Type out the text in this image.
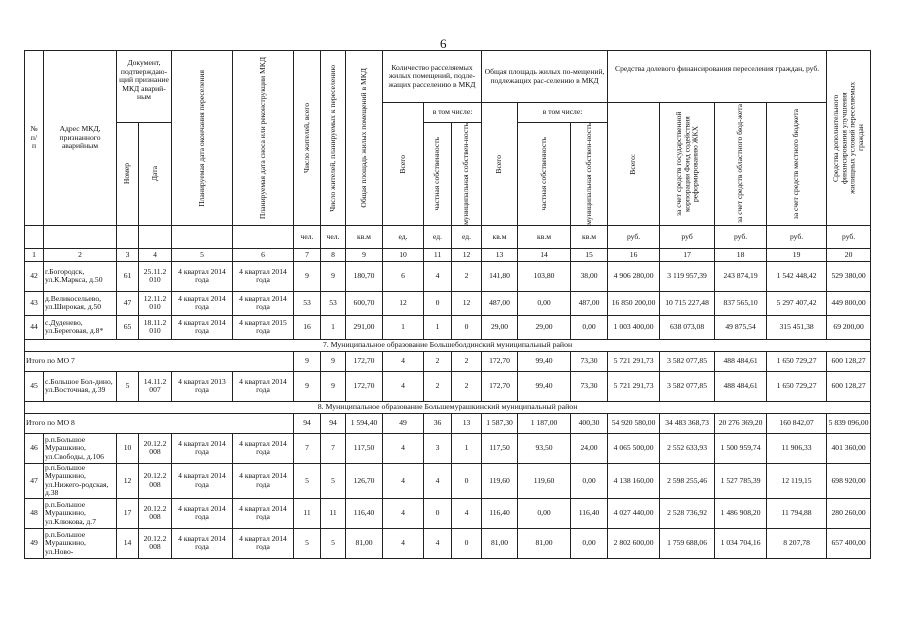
6
№
п/
п	Адрес МКД, признанного аварийным	Документ, подтверждаю-щий признание МКД аварий-ным		Планируемая дата окончания переселения	Планируемая дата сноса или реконструкции МКД	Число жителей, всего	Число жителей, планируемых к переселению	Общая площадь жилых помещений в МКД	Количество расселяемых жилых помещений, подле-жащих расселению в МКД			Общая площадь жилых по-мещений, подлежащих рас-селению в МКД			Средства долевого финансирования переселения граждан, руб.				Средства дополнительного финансирования улучшения жилищных условий переселяемых граждан

									Всего	в том числе:		Всего	в том числе:		Всего:	за счет средств государственной корпорации Фонд содействия реформированию ЖКХ	за счет средств областного бюд-жета	за счет средств местного бюджета	

		Номер	Дата							частная собственность	муниципальная собствен-ность		частная собственность	муниципальная собствен-ность					

						чел.	чел.	кв.м	ед.	ед.	ед.	кв.м	кв.м	кв.м	руб.	руб	руб.	руб.	руб.
1	2	3	4	5	6	7	8	9	10	11	12	13	14	15	16	17	18	19	20
42	г.Богородск, ул.К.Маркса, д.50	61	25.11.2 010	4 квартал 2014 года	4 квартал 2014 года	9	9	180,70	6	4	2	141,80	103,80	38,00	4 906 280,00	3 119 957,39	243 874,19	1 542 448,42	529 380,00
43	д.Великосельево, ул.Широкая, д.50	47	12.11.2 010	4 квартал 2014 года	4 квартал 2014 года	53	53	600,70	12	0	12	487,00	0,00	487,00	16 850 200,00	10 715 227,48	837 565,10	5 297 407,42	449 800,00
44	с.Дуденево, ул.Береговая, д.8*	65	18.11.2 010	4 квартал 2014 года	4 квартал 2015 года	16	1	291,00	1	1	0	29,00	29,00	0,00	1 003 400,00	638 073,08	49 875,54	315 451,38	69 200,00
7. Муниципальное образование Большеболдинский муниципальный район																			
Итого по МО 7						9	9	172,70	4	2	2	172,70	99,40	73,30	5 721 291,73	3 582 077,85	488 484,61	1 650 729,27	600 128,27
45	с.Большое Бол-дино, ул.Восточная, д.39	5	14.11.2 007	4 квартал 2013 года	4 квартал 2014 года	9	9	172,70	4	2	2	172,70	99,40	73,30	5 721 291,73	3 582 077,85	488 484,61	1 650 729,27	600 128,27
8. Муниципальное образование Большемурашкинский муниципальный район																			
Итого по МО 8						94	94	1 594,40	49	36	13	1 587,30	1 187,00	400,30	54 920 580,00	34 483 368,73	20 276 369,20	160 842,07	5 839 096,00
46	р.п.Большое Мурашкино, ул.Свободы, д.106	10	20.12.2 008	4 квартал 2014 года	4 квартал 2014 года	7	7	117,50	4	3	1	117,50	93,50	24,00	4 065 500,00	2 552 633,93	1 500 959,74	11 906,33	401 360,00
47	р.п.Большое Мурашкино, ул.Нижего-родская, д.38	12	20.12.2 008	4 квартал 2014 года	4 квартал 2014 года	5	5	126,70	4	4	0	119,60	119,60	0,00	4 138 160,00	2 598 255,46	1 527 785,39	12 119,15	698 920,00
48	р.п.Большое Мурашкино, ул.Клюкова, д.7	17	20.12.2 008	4 квартал 2014 года	4 квартал 2014 года	11	11	116,40	4	0	4	116,40	0,00	116,40	4 027 440,00	2 528 736,92	1 486 908,20	11 794,88	280 260,00
49	р.п.Большое Мурашкино, ул.Ново-	14	20.12.2 008	4 квартал 2014 года	4 квартал 2014 года	5	5	81,00	4	4	0	81,00	81,00	0,00	2 802 600,00	1 759 688,06	1 034 704,16	8 207,78	657 400,00
